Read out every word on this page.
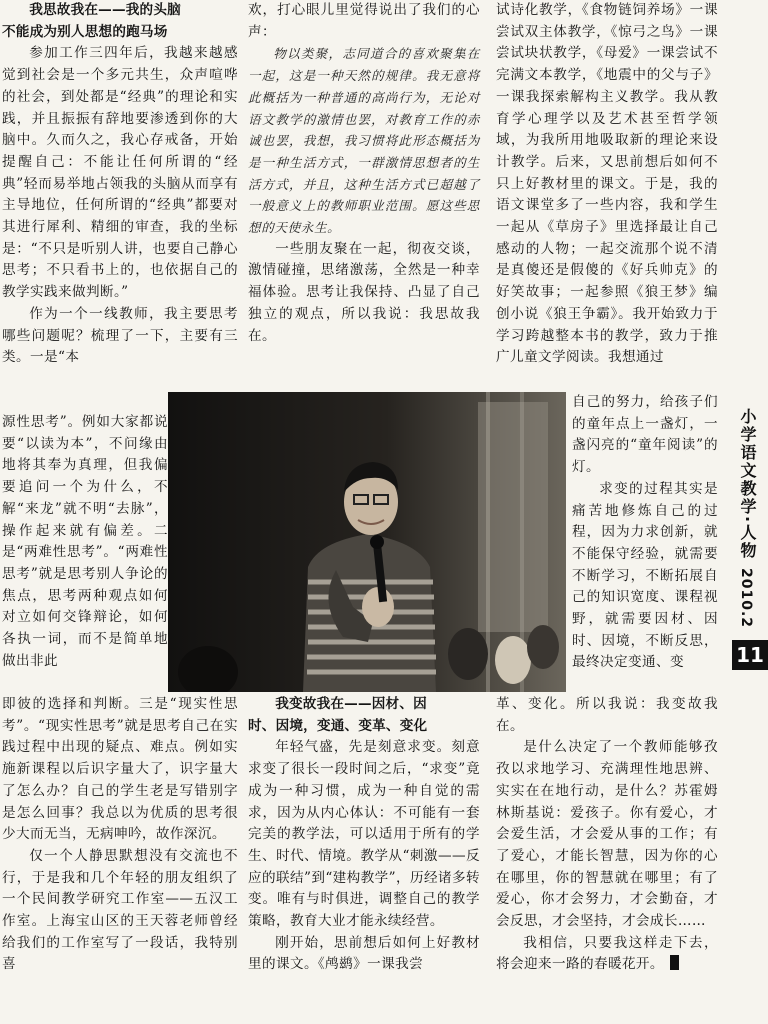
我思故我在——我的头脑
不能成为别人思想的跑马场

参加工作三四年后，我越来越感觉到社会是一个多元共生，众声喧哗的社会，到处都是“经典”的理论和实践，并且振振有辞地要渗透到你的大脑中。久而久之，我心存戒备，开始提醒自己：不能让任何所谓的“经典”轻而易举地占领我的头脑从而享有主导地位，任何所谓的“经典”都要对其进行犀利、精细的审查，我的坐标是：“不只是听别人讲，也要自己静心思考；不只看书上的，也依据自己的教学实践来做判断。”

作为一个一线教师，我主要思考哪些问题呢？梳理了一下，主要有三类。一是“本

源性思考”。例如大家都说要“以读为本”，不问缘由地将其奉为真理，但我偏要追问一个为什么，不解“来龙”就不明“去脉”，操作起来就有偏差。二是“两难性思考”。“两难性思考”就是思考别人争论的焦点，思考两种观点如何对立如何交锋辩论，如何各执一词，而不是简单地做出非此

即彼的选择和判断。三是“现实性思考”。“现实性思考”就是思考自己在实践过程中出现的疑点、难点。例如实施新课程以后识字量大了，识字量大了怎么办？自己的学生老是写错别字是怎么回事？我总以为优质的思考很少大而无当，无病呻吟，故作深沉。

仅一个人静思默想没有交流也不行，于是我和几个年轻的朋友组织了一个民间教学研究工作室——五汉工作室。上海宝山区的王天蓉老师曾经给我们的工作室写了一段话，我特别喜

欢，打心眼儿里觉得说出了我们的心声：

物以类聚，志同道合的喜欢聚集在一起，这是一种天然的规律。我无意将此概括为一种普通的高尚行为，无论对语文教学的激情也罢，对教育工作的赤诚也罢，我想，我习惯将此形态概括为是一种生活方式，一群激情思想者的生活方式，并且，这种生活方式已超越了一般意义上的教师职业范围。愿这些思想的天使永生。

一些朋友聚在一起，彻夜交谈，激情碰撞，思绪激荡，全然是一种幸福体验。思考让我保持、凸显了自己独立的观点，所以我说：我思故我在。

我变故我在——因材、因
时、因境，变通、变革、变化

年轻气盛，先是刻意求变。刻意求变了很长一段时间之后，“求变”竟成为一种习惯，成为一种自觉的需求，因为从内心体认：不可能有一套完美的教学法，可以适用于所有的学生、时代、情境。教学从“刺激——反应的联结”到“建构教学”，历经诸多转变。唯有与时俱进，调整自己的教学策略，教育大业才能永续经营。

刚开始，思前想后如何上好教材里的课文。《鸬鹚》一课我尝

试诗化教学，《食物链饲养场》一课尝试双主体教学，《惊弓之鸟》一课尝试块状教学，《母爱》一课尝试不完满文本教学，《地震中的父与子》一课我探索解构主义教学。我从教育学心理学以及艺术甚至哲学领域，为我所用地吸取新的理论来设计教学。后来，又思前想后如何不只上好教材里的课文。于是，我的语文课堂多了一些内容，我和学生一起从《草房子》里选择最让自己感动的人物；一起交流那个说不清是真傻还是假傻的《好兵帅克》的好笑故事；一起参照《狼王梦》编创小说《狼王争霸》。我开始致力于学习跨越整本书的教学，致力于推广儿童文学阅读。我想通过

自己的努力，给孩子们的童年点上一盏灯，一盏闪亮的“童年阅读”的灯。

求变的过程其实是痛苦地修炼自己的过程，因为力求创新，就不能保守经验，就需要不断学习，不断拓展自己的知识宽度、课程视野，就需要因材、因时、因境，不断反思，最终决定变通、变

革、变化。所以我说：我变故我在。

是什么决定了一个教师能够孜孜以求地学习、充满理性地思辨、实实在在地行动，是什么？苏霍姆林斯基说：爱孩子。你有爱心，才会爱生活，才会爱从事的工作；有了爱心，才能长智慧，因为你的心在哪里，你的智慧就在哪里；有了爱心，你才会努力，才会勤奋，才会反思，才会坚持，才会成长……

我相信，只要我这样走下去，将会迎来一路的春暖花开。

小学语文教学·人物
2010.2
11
